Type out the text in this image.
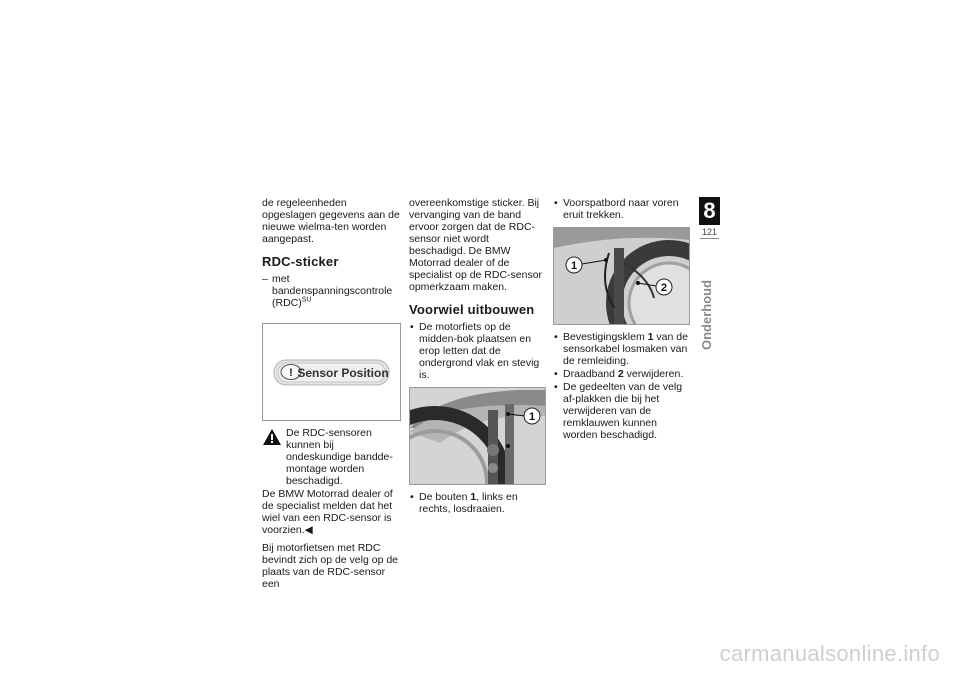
de regeleenheden opgeslagen gegevens aan de nieuwe wielma-ten worden aangepast.

RDC-sticker
– met bandenspanningscontrole (RDC)$^{SU}$
! Sensor Position

De RDC-sensoren kunnen bij ondeskundige bandde-montage worden beschadigd.

De BMW Motorrad dealer of de specialist melden dat het wiel van een RDC-sensor is voorzien.◀

Bij motorfietsen met RDC bevindt zich op de velg op de plaats van de RDC-sensor een

overeenkomstige sticker. Bij vervanging van de band ervoor zorgen dat de RDC-sensor niet wordt beschadigd. De BMW Motorrad dealer of de specialist op de RDC-sensor opmerkzaam maken.

Voorwiel uitbouwen
• De motorfiets op de midden-bok plaatsen en erop letten dat de ondergrond vlak en stevig is.
1
• De bouten 1, links en rechts, losdraaien.
• Voorspatbord naar voren eruit trekken.
1
2
• Bevestigingsklem 1 van de sensorkabel losmaken van de remleiding.
• Draadband 2 verwijderen.
• De gedeelten van de velg af-plakken die bij het verwijderen van de remklauwen kunnen worden beschadigd.
8
121
Onderhoud
carmanualsonline.info
